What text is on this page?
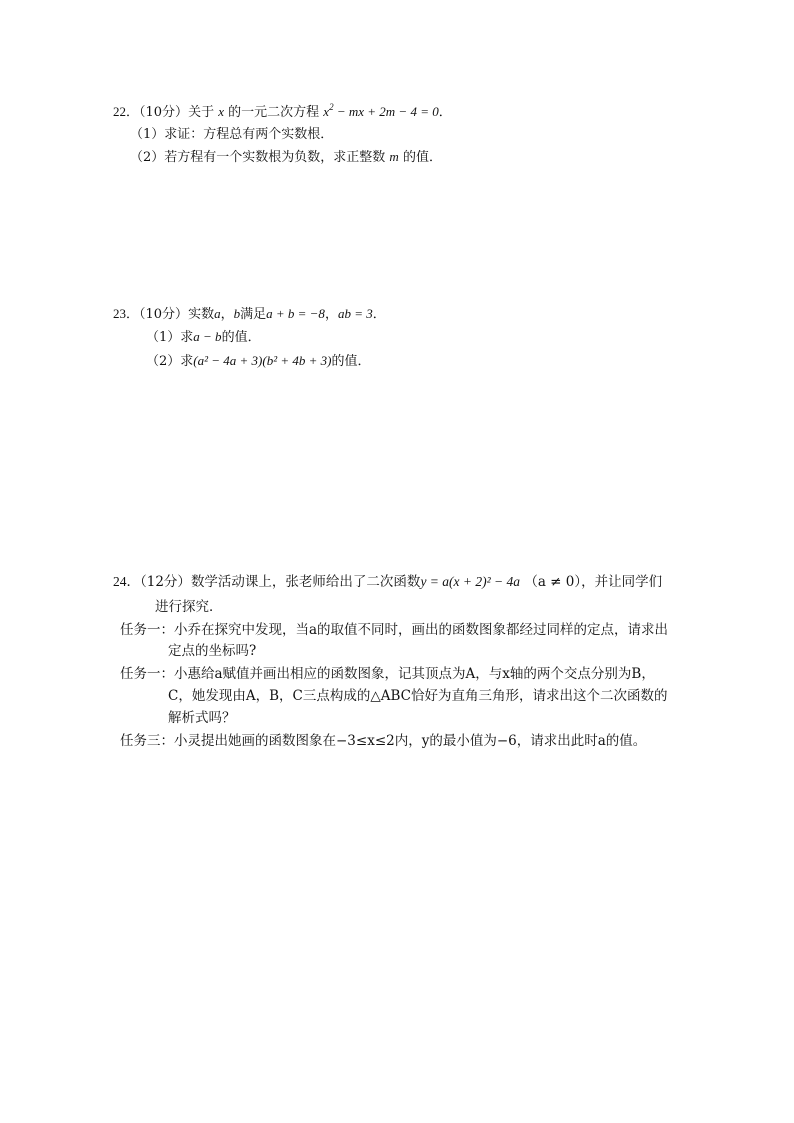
22．（10分）关于 x 的一元二次方程 $x^2$ − mx + 2m − 4 = 0．
（1）求证：方程总有两个实数根．
（2）若方程有一个实数根为负数，求正整数 m 的值．
23．（10分）实数a，b满足a + b = −8，ab = 3．
（1）求a − b的值．
（2）求(a² − 4a + 3)(b² + 4b + 3)的值．
24．（12分）数学活动课上，张老师给出了二次函数y = a(x + 2)² − 4a （a ≠ 0），并让同学们
进行探究．
任务一：小乔在探究中发现，当a的取值不同时，画出的函数图象都经过同样的定点，请求出
定点的坐标吗?
任务一：小惠给a赋值并画出相应的函数图象，记其顶点为A，与x轴的两个交点分别为B，
C，她发现由A，B，C三点构成的△ABC恰好为直角三角形，请求出这个二次函数的
解析式吗？
任务三：小灵提出她画的函数图象在−3≤x≤2内，y的最小值为−6，请求出此时a的值。
